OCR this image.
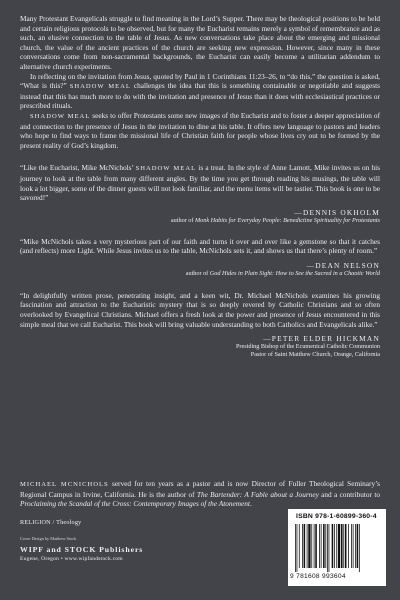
Many Protestant Evangelicals struggle to find meaning in the Lord’s Supper. There may be theological positions to be held and certain religious protocols to be observed, but for many the Eucharist remains merely a symbol of remembrance and as such, an elusive connection to the table of Jesus. As new conversations take place about the emerging and missional church, the value of the ancient practices of the church are seeking new expression. However, since many in these conversations come from non-sacramental backgrounds, the Eucharist can easily become a utilitarian addendum to alternative church experiments.

In reflecting on the invitation from Jesus, quoted by Paul in 1 Corinthians 11:23–26, to “do this,” the question is asked, “What is this?” SHADOW MEAL challenges the idea that this is something containable or negotiable and suggests instead that this has much more to do with the invitation and presence of Jesus than it does with ecclesiastical practices or prescribed rituals.

SHADOW MEAL seeks to offer Protestants some new images of the Eucharist and to foster a deeper appreciation of and connection to the presence of Jesus in the invitation to dine at his table. It offers new language to pastors and leaders who hope to find ways to frame the missional life of Christian faith for people whose lives cry out to be formed by the present reality of God’s kingdom.

“Like the Eucharist, Mike McNichols’ SHADOW MEAL is a treat. In the style of Anne Lamott, Mike invites us on his journey to look at the table from many different angles. By the time you get through reading his musings, the table will look a lot bigger, some of the dinner guests will not look familiar, and the menu items will be tastier. This book is one to be savored!”

—DENNIS OKHOLM
author of Monk Habits for Everyday People: Benedictine Spirituality for Protestants

“Mike McNichols takes a very mysterious part of our faith and turns it over and over like a gemstone so that it catches (and reflects) more Light. While Jesus invites us to the table, McNichols sets it, and shows us that there’s plenty of room.”

—DEAN NELSON
author of God Hides in Plain Sight: How to See the Sacred in a Chaotic World

“In delightfully written prose, penetrating insight, and a keen wit, Dr. Michael McNichols examines his growing fascination and attraction to the Eucharistic mystery that is so deeply revered by Catholic Christians and so often overlooked by Evangelical Christians. Michael offers a fresh look at the power and presence of Jesus encountered in this simple meal that we call Eucharist. This book will bring valuable understanding to both Catholics and Evangelicals alike.”

—PETER ELDER HICKMAN
Presiding Bishop of the Ecumenical Catholic Communion
Pastor of Saint Matthew Church, Orange, California
MICHAEL MCNICHOLS served for ten years as a pastor and is now Director of Fuller Theological Seminary’s Regional Campus in Irvine, California. He is the author of The Bartender: A Fable about a Journey and a contributor to Proclaiming the Scandal of the Cross: Contemporary Images of the Atonement.
RELIGION / Theology
Cover Design by Matthew Stock
WIPF and STOCK Publishers
Eugene, Oregon • www.wipfandstock.com
ISBN 978-1-60899-360-4
9 781608 993604
